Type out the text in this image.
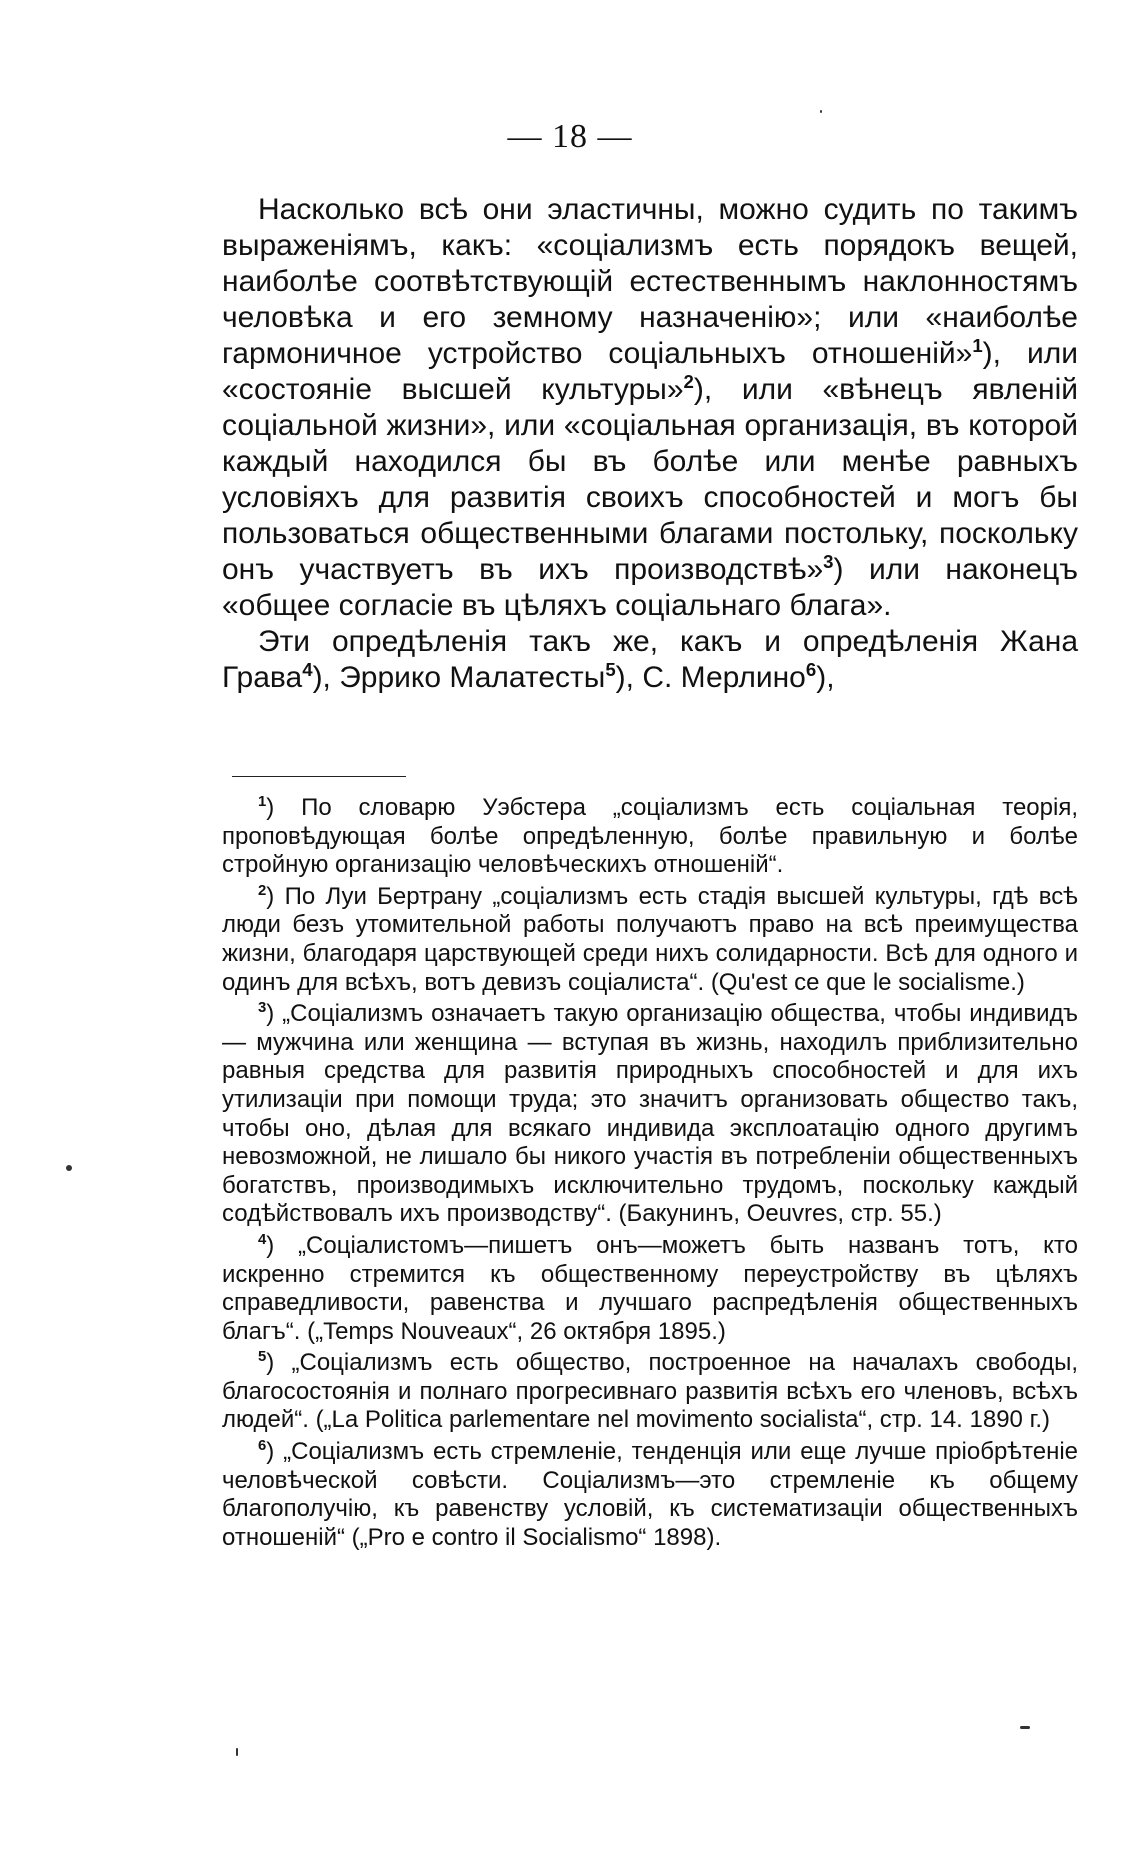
— 18 —

Насколько всѣ они эластичны, можно судить по такимъ выраженіямъ, какъ: «соціализмъ есть порядокъ вещей, наиболѣе соотвѣтствующій естественнымъ наклонностямъ человѣка и его земному назначенію»; или «наиболѣе гармоничное устройство соціальныхъ отношеній»$^1$), или «состояніе высшей культуры»$^2$), или «вѣнецъ явленій соціальной жизни», или «соціальная организація, въ которой каждый находился бы въ болѣе или менѣе равныхъ условіяхъ для развитія своихъ способностей и могъ бы пользоваться общественными благами постольку, поскольку онъ участвуетъ въ ихъ производствѣ»$^3$) или наконецъ «общее согласіе въ цѣляхъ соціальнаго блага».

Эти опредѣленія такъ же, какъ и опредѣленія Жана Грава$^4$), Эррико Малатесты$^5$), С. Мерлино$^6$),

$^1$) По словарю Уэбстера „соціализмъ есть соціальная теорія, проповѣдующая болѣе опредѣленную, болѣе правильную и болѣе стройную организацію человѣческихъ отношеній“.

$^2$) По Луи Бертрану „соціализмъ есть стадія высшей культуры, гдѣ всѣ люди безъ утомительной работы получаютъ право на всѣ преимущества жизни, благодаря царствующей среди нихъ солидарности. Всѣ для одного и одинъ для всѣхъ, вотъ девизъ соціалиста“. (Qu'est ce que le socialisme.)

$^3$) „Соціализмъ означаетъ такую организацію общества, чтобы индивидъ — мужчина или женщина — вступая въ жизнь, находилъ приблизительно равныя средства для развитія природныхъ способностей и для ихъ утилизаціи при помощи труда; это значитъ организовать общество такъ, чтобы оно, дѣлая для всякаго индивида эксплоатацію одного другимъ невозможной, не лишало бы никого участія въ потребленіи общественныхъ богатствъ, производимыхъ исключительно трудомъ, поскольку каждый содѣйствовалъ ихъ производству“. (Бакунинъ, Oeuvres, стр. 55.)

$^4$) „Соціалистомъ—пишетъ онъ—можетъ быть названъ тотъ, кто искренно стремится къ общественному переустройству въ цѣляхъ справедливости, равенства и лучшаго распредѣленія общественныхъ благъ“. („Temps Nouveaux“, 26 октября 1895.)

$^5$) „Соціализмъ есть общество, построенное на началахъ свободы, благосостоянія и полнаго прогресивнаго развитія всѣхъ его членовъ, всѣхъ людей“. („La Politica parlementare nel movimento socialista“, стр. 14. 1890 г.)

$^6$) „Соціализмъ есть стремленіе, тенденція или еще лучше пріобрѣтеніе человѣческой совѣсти. Соціализмъ—это стремленіе къ общему благополучію, къ равенству условій, къ систематизаціи общественныхъ отношеній“ („Pro e contro il Socialismo“ 1898).
